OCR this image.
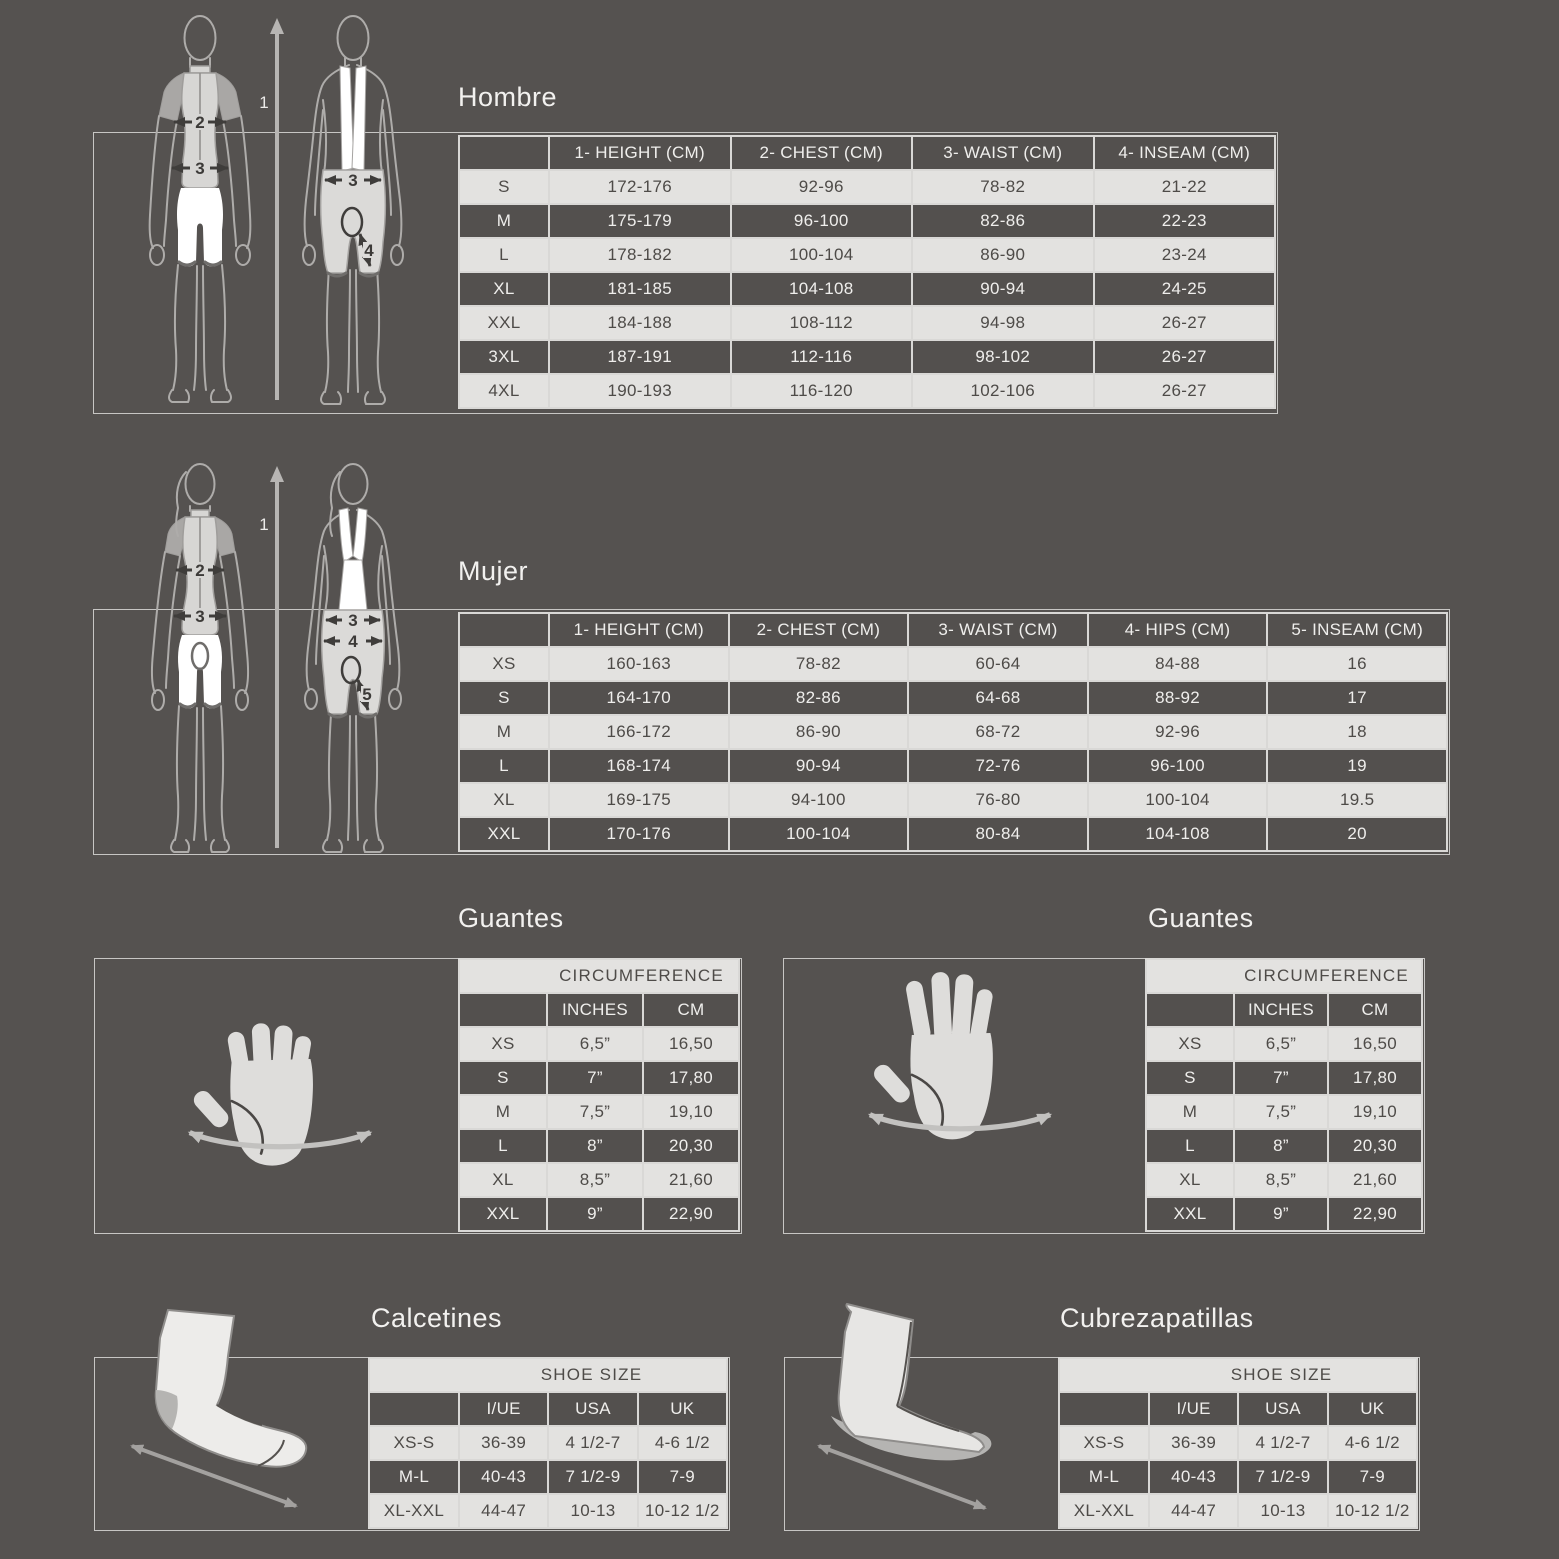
Hombre
2
3
1
3
4
	1- HEIGHT (CM)	2- CHEST (CM)	3- WAIST (CM)	4- INSEAM (CM)
S	172-176	92-96	78-82	21-22
M	175-179	96-100	82-86	22-23
L	178-182	100-104	86-90	23-24
XL	181-185	104-108	90-94	24-25
XXL	184-188	108-112	94-98	26-27
3XL	187-191	112-116	98-102	26-27
4XL	190-193	116-120	102-106	26-27
Mujer
2
3
1
3
4
5
	1- HEIGHT (CM)	2- CHEST (CM)	3- WAIST (CM)	4- HIPS (CM)	5- INSEAM (CM)
XS	160-163	78-82	60-64	84-88	16
S	164-170	82-86	64-68	88-92	17
M	166-172	86-90	68-72	92-96	18
L	168-174	90-94	72-76	96-100	19
XL	169-175	94-100	76-80	100-104	19.5
XXL	170-176	100-104	80-84	104-108	20
Guantes
CIRCUMFERENCE		
	INCHES	CM
XS	6,5”	16,50
S	7”	17,80
M	7,5”	19,10
L	8”	20,30
XL	8,5”	21,60
XXL	9”	22,90
Guantes
CIRCUMFERENCE		
	INCHES	CM
XS	6,5”	16,50
S	7”	17,80
M	7,5”	19,10
L	8”	20,30
XL	8,5”	21,60
XXL	9”	22,90
Calcetines
SHOE SIZE			
	I/UE	USA	UK
XS-S	36-39	4 1/2-7	4-6 1/2
M-L	40-43	7 1/2-9	7-9
XL-XXL	44-47	10-13	10-12 1/2
Cubrezapatillas
SHOE SIZE			
	I/UE	USA	UK
XS-S	36-39	4 1/2-7	4-6 1/2
M-L	40-43	7 1/2-9	7-9
XL-XXL	44-47	10-13	10-12 1/2
